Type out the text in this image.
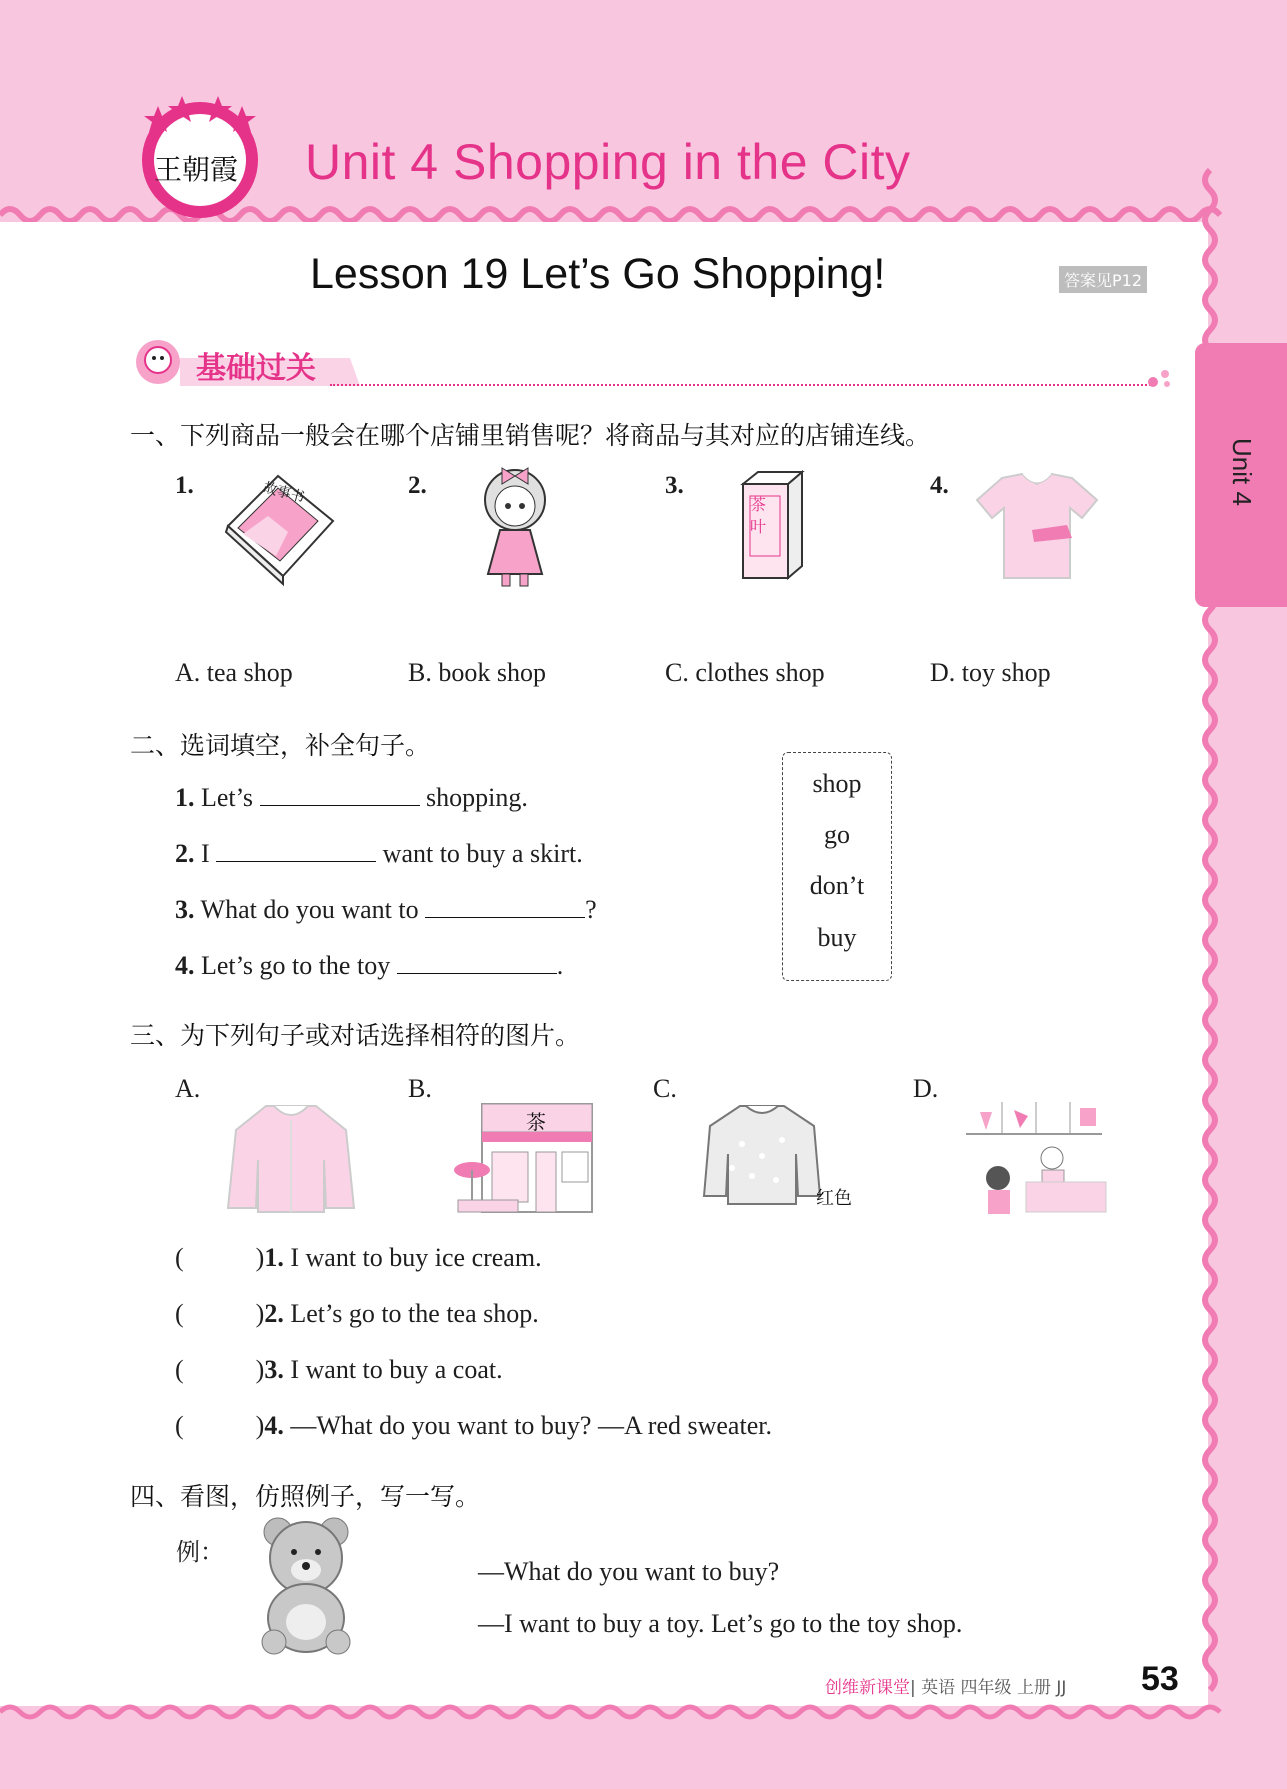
王朝霞 Unit 4 Shopping in the City
Lesson 19 Let’s Go Shopping!	答案见P12
Unit 4
基础过关
一、下列商品一般会在哪个店铺里销售呢？将商品与其对应的店铺连线。
1.	故事书	2.	3.
茶叶
4.
A. tea shop	B. book shop	C. clothes shop	D. toy shop
二、选词填空，补全句子。
1. Let’s	shopping.
2. I	want to buy a skirt.
3. What do you want to	?
4. Let’s go to the toy	.
shop
go
don’t
buy
三、为下列句子或对话选择相符的图片。
A.	B.
茶
C.
红色
D.
(	)1. I want to buy ice cream.
(	)2. Let’s go to the tea shop.
(	)3. I want to buy a coat.
(	)4. —What do you want to buy? —A red sweater.
四、看图，仿照例子，写一写。
例：
—What do you want to buy?
—I want to buy a toy. Let’s go to the toy shop.
创维新课堂| 英语 四年级 上册 JJ 53
